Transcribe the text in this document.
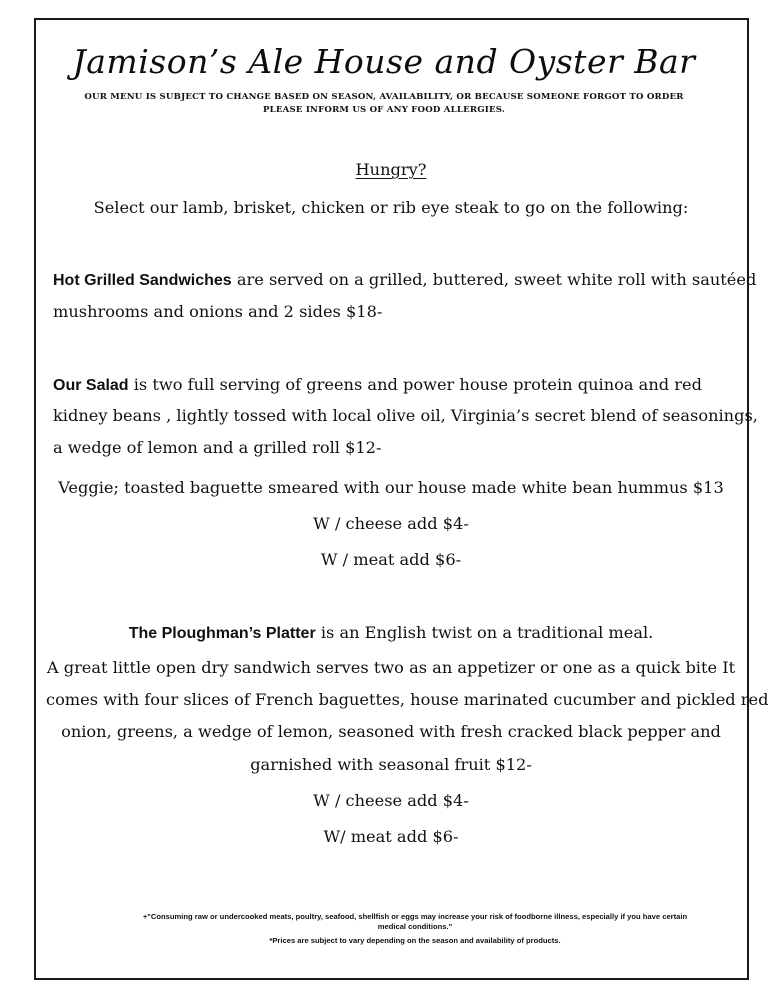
Jamison’s Ale House and Oyster Bar
OUR MENU IS SUBJECT TO CHANGE BASED ON SEASON, AVAILABILITY, OR BECAUSE SOMEONE FORGOT TO ORDER
PLEASE INFORM US OF ANY FOOD ALLERGIES.
Hungry?
Select our lamb, brisket, chicken or rib eye steak to go on the following:
Hot Grilled Sandwiches are served on a grilled, buttered, sweet white roll with sautéed
mushrooms and onions and 2 sides $18-
Our Salad is two full serving of greens and power house protein quinoa and red
kidney beans , lightly tossed with local olive oil, Virginia’s secret blend of seasonings,
a wedge of lemon and a grilled roll $12-
Veggie; toasted baguette smeared with our house made white bean hummus $13
W / cheese add $4-
W / meat add $6-
The Ploughman’s Platter is an English twist on a traditional meal.
A great little open dry sandwich serves two as an appetizer or one as a quick bite It
comes with four slices of French baguettes, house marinated cucumber and pickled red
onion, greens, a wedge of lemon, seasoned with fresh cracked black pepper and
garnished with seasonal fruit $12-
W / cheese add $4-
W/ meat add $6-
+"Consuming raw or undercooked meats, poultry, seafood, shellfish or eggs may increase your risk of foodborne illness, especially if you have certain
medical conditions."
*Prices are subject to vary depending on the season and availability of products.
